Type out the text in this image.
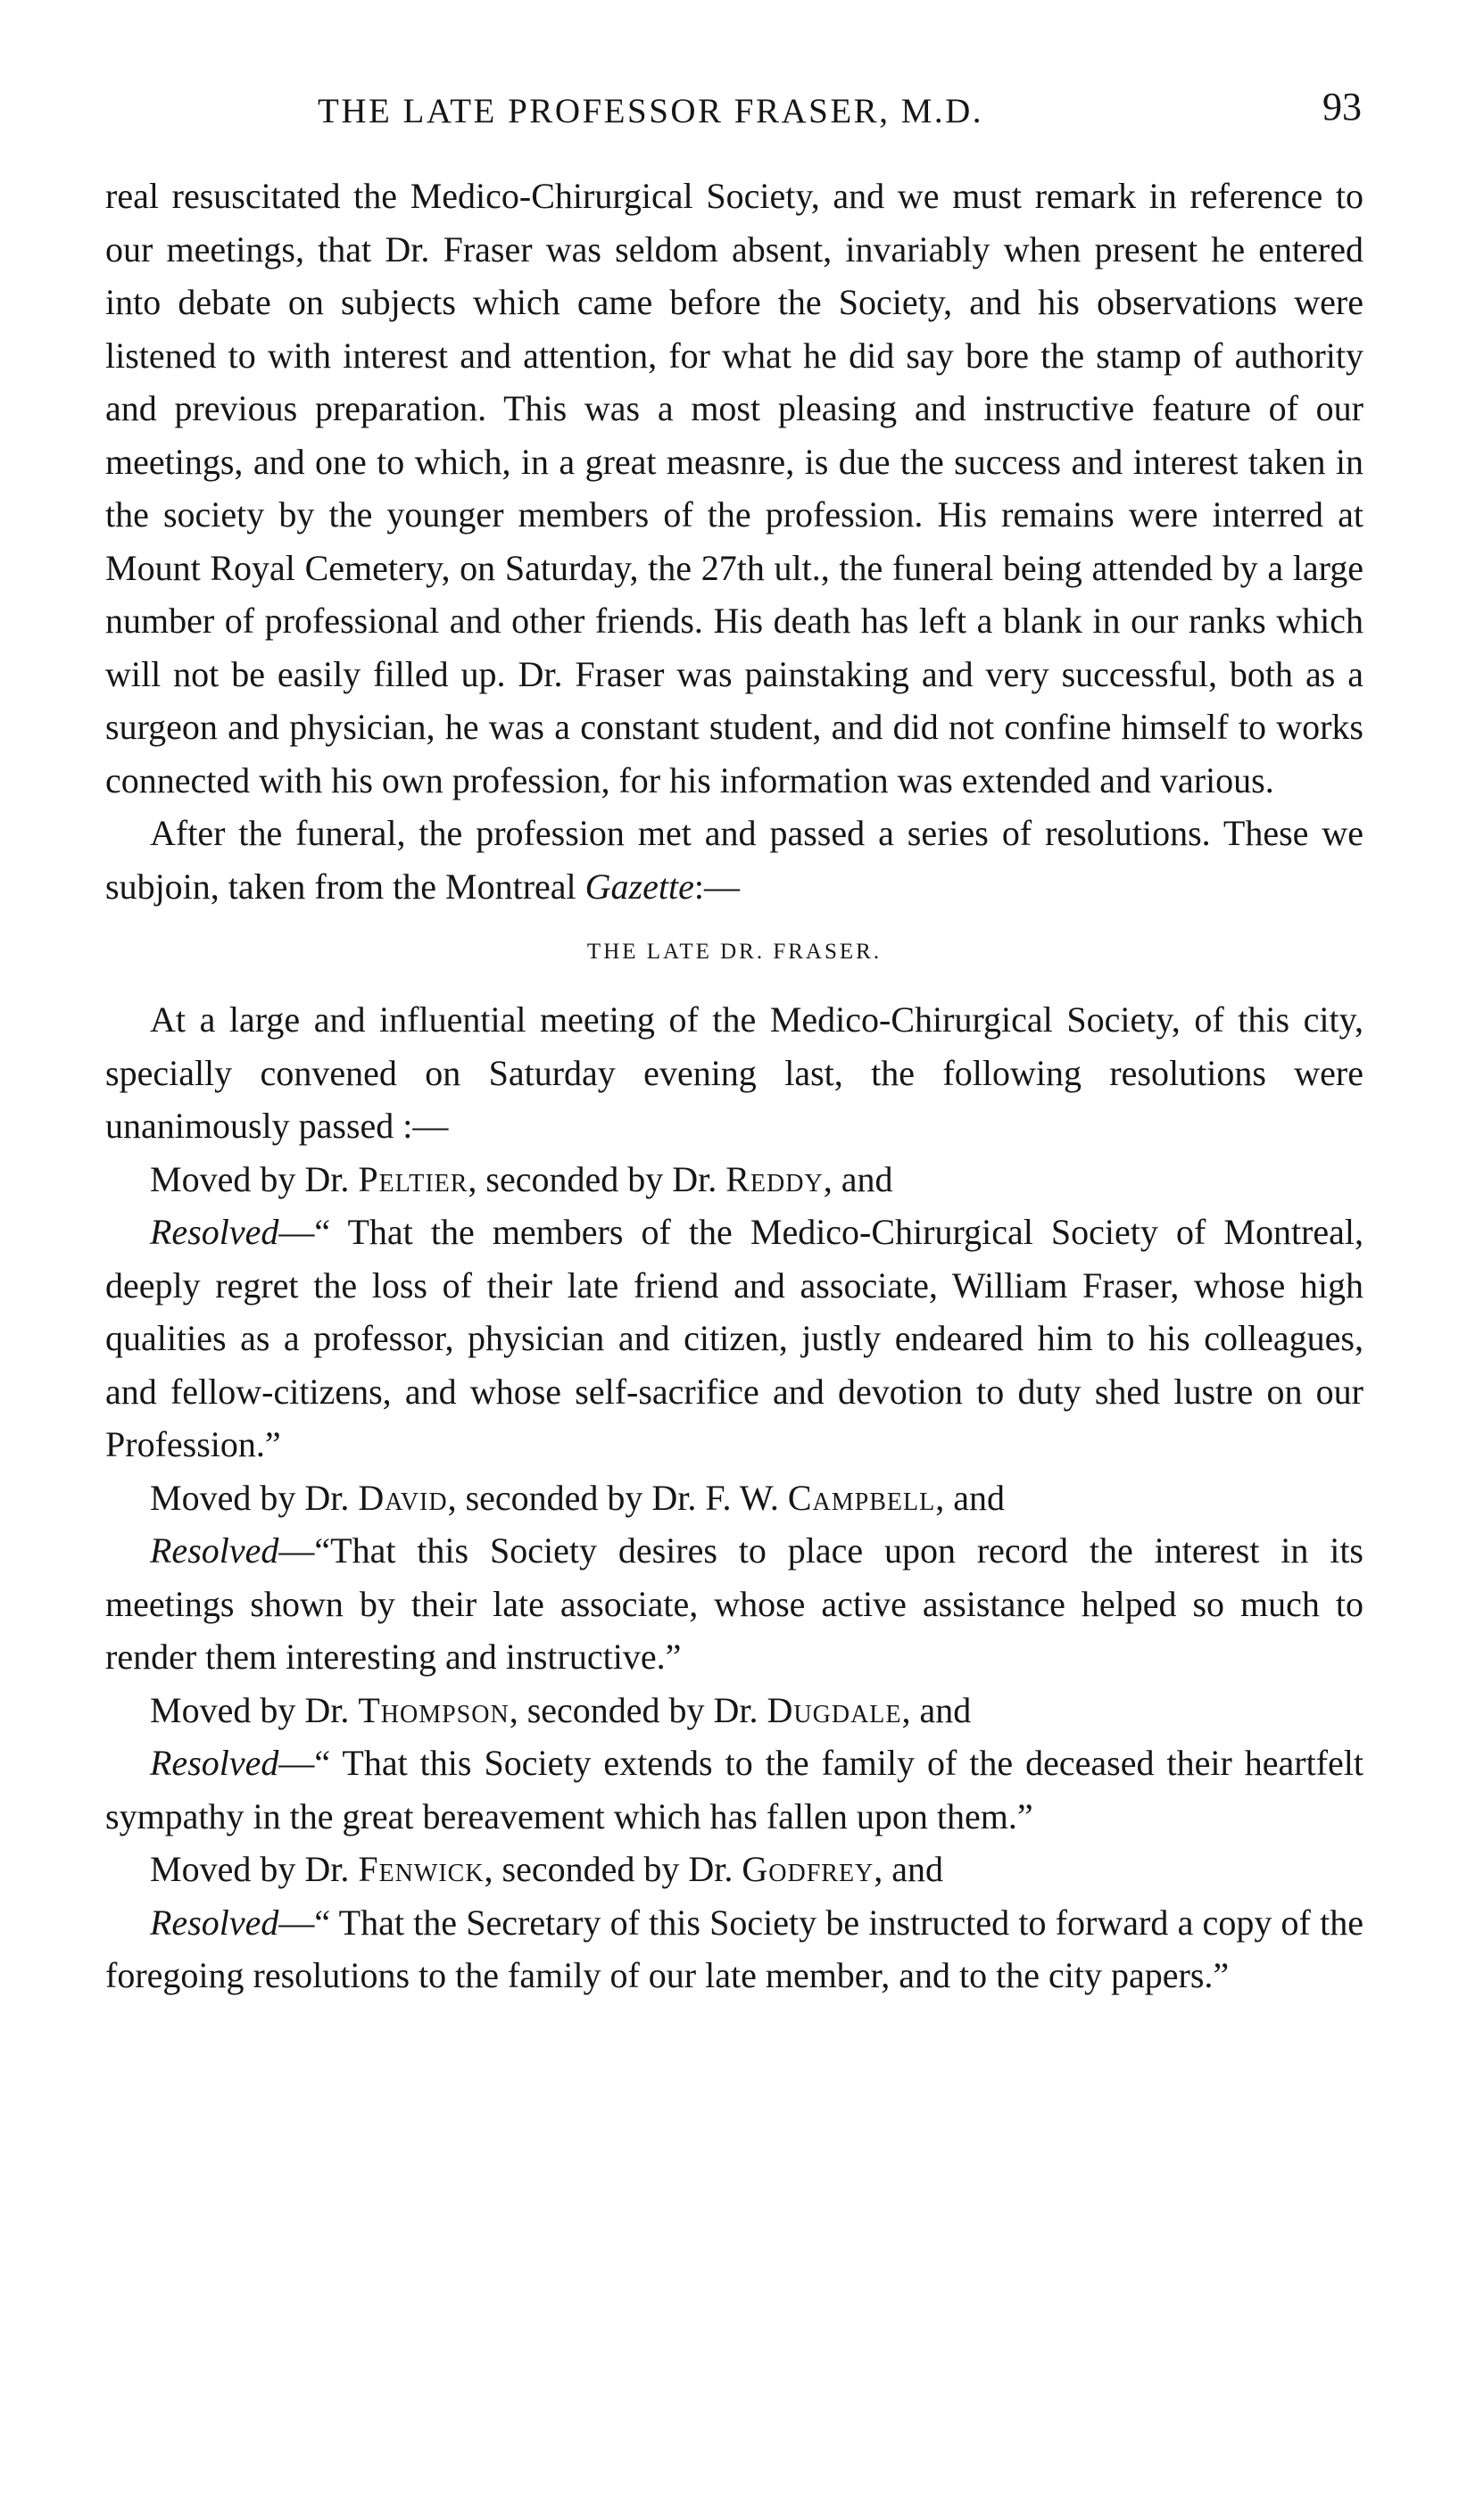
THE LATE PROFESSOR FRASER, M.D.	93

real resuscitated the Medico-Chirurgical Society, and we must remark in reference to our meetings, that Dr. Fraser was seldom absent, invariably when present he entered into debate on subjects which came before the Society, and his observations were listened to with interest and attention, for what he did say bore the stamp of authority and previous preparation. This was a most pleasing and instructive feature of our meetings, and one to which, in a great measnre, is due the success and interest taken in the society by the younger members of the profession. His remains were interred at Mount Royal Cemetery, on Saturday, the 27th ult., the funeral being attended by a large number of professional and other friends. His death has left a blank in our ranks which will not be easily filled up. Dr. Fraser was painstaking and very successful, both as a surgeon and physician, he was a constant student, and did not confine himself to works connected with his own profession, for his information was extended and various.

After the funeral, the profession met and passed a series of resolutions. These we subjoin, taken from the Montreal Gazette:—

THE LATE DR. FRASER.

At a large and influential meeting of the Medico-Chirurgical Society, of this city, specially convened on Saturday evening last, the following resolutions were unanimously passed :—

Moved by Dr. Peltier, seconded by Dr. Reddy, and

Resolved—“ That the members of the Medico-Chirurgical Society of Montreal, deeply regret the loss of their late friend and associate, William Fraser, whose high qualities as a professor, physician and citizen, justly endeared him to his colleagues, and fellow-citizens, and whose self-sacrifice and devotion to duty shed lustre on our Profession.”

Moved by Dr. David, seconded by Dr. F. W. Campbell, and

Resolved—“That this Society desires to place upon record the interest in its meetings shown by their late associate, whose active assistance helped so much to render them interesting and instructive.”

Moved by Dr. Thompson, seconded by Dr. Dugdale, and

Resolved—“ That this Society extends to the family of the deceased their heartfelt sympathy in the great bereavement which has fallen upon them.”

Moved by Dr. Fenwick, seconded by Dr. Godfrey, and

Resolved—“ That the Secretary of this Society be instructed to forward a copy of the foregoing resolutions to the family of our late member, and to the city papers.”
